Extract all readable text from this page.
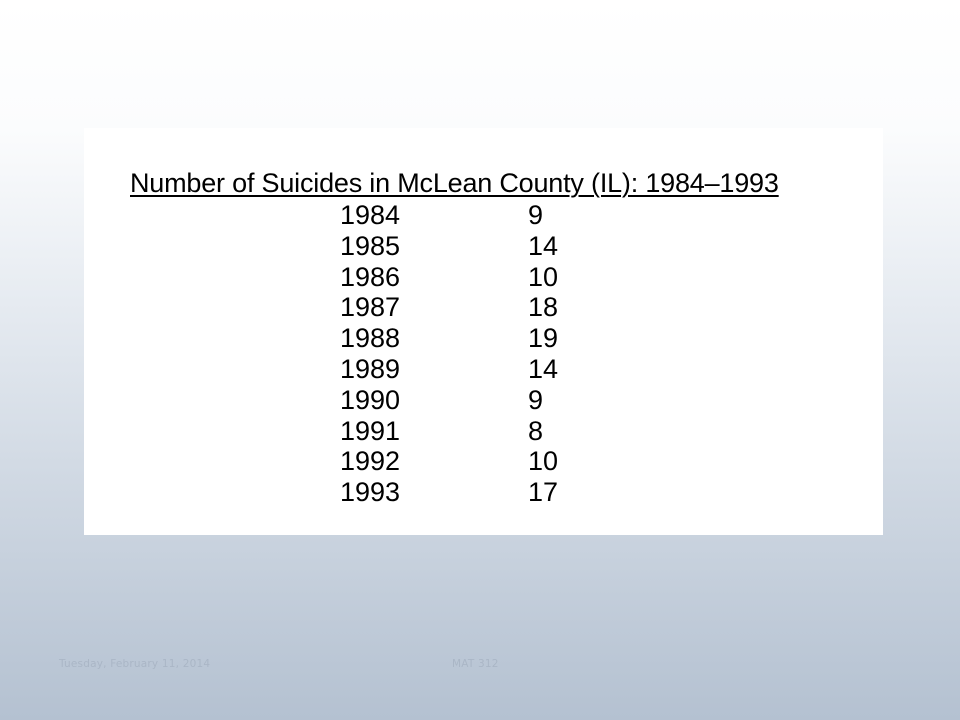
Number of Suicides in McLean County (IL): 1984–1993
1984	9
1985	14
1986	10
1987	18
1988	19
1989	14
1990	9
1991	8
1992	10
1993	17
Tuesday, February 11, 2014	MAT 312
